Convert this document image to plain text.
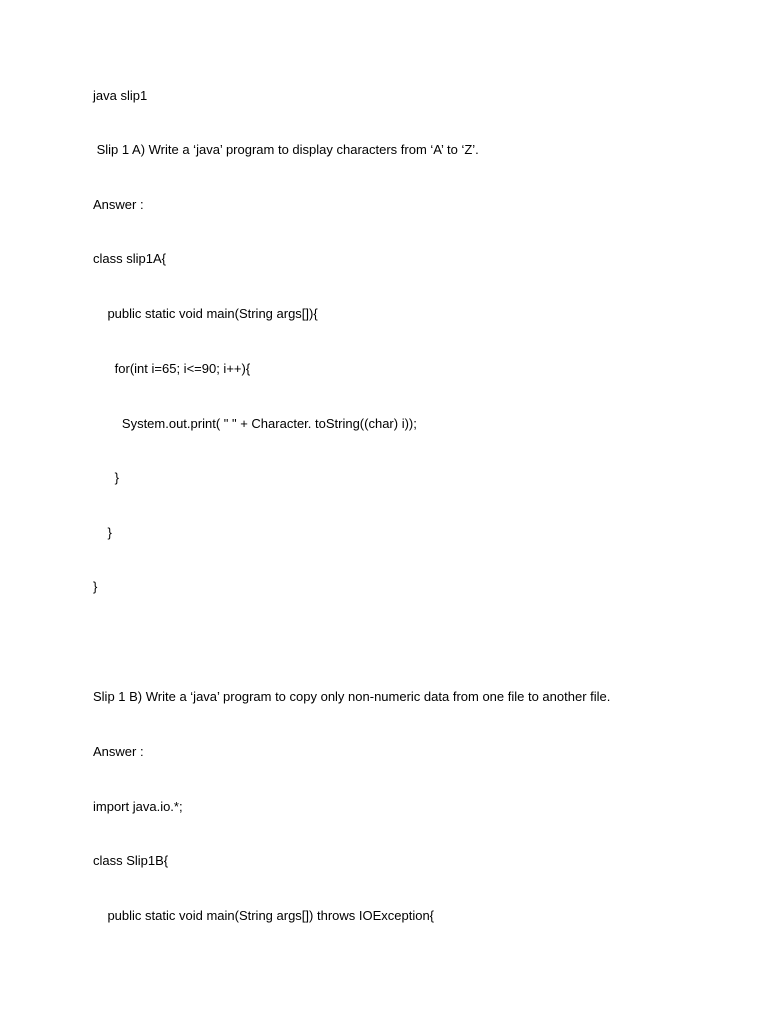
java slip1

Slip 1 A) Write a ‘java’ program to display characters from ‘A’ to ‘Z’.

Answer :

class slip1A{

public static void main(String args[]){

for(int i=65; i<=90; i++){

System.out.print( " " + Character. toString((char) i));

}

}

}

Slip 1 B) Write a ‘java’ program to copy only non-numeric data from one file to another file.

Answer :

import java.io.*;

class Slip1B{

public static void main(String args[]) throws IOException{
